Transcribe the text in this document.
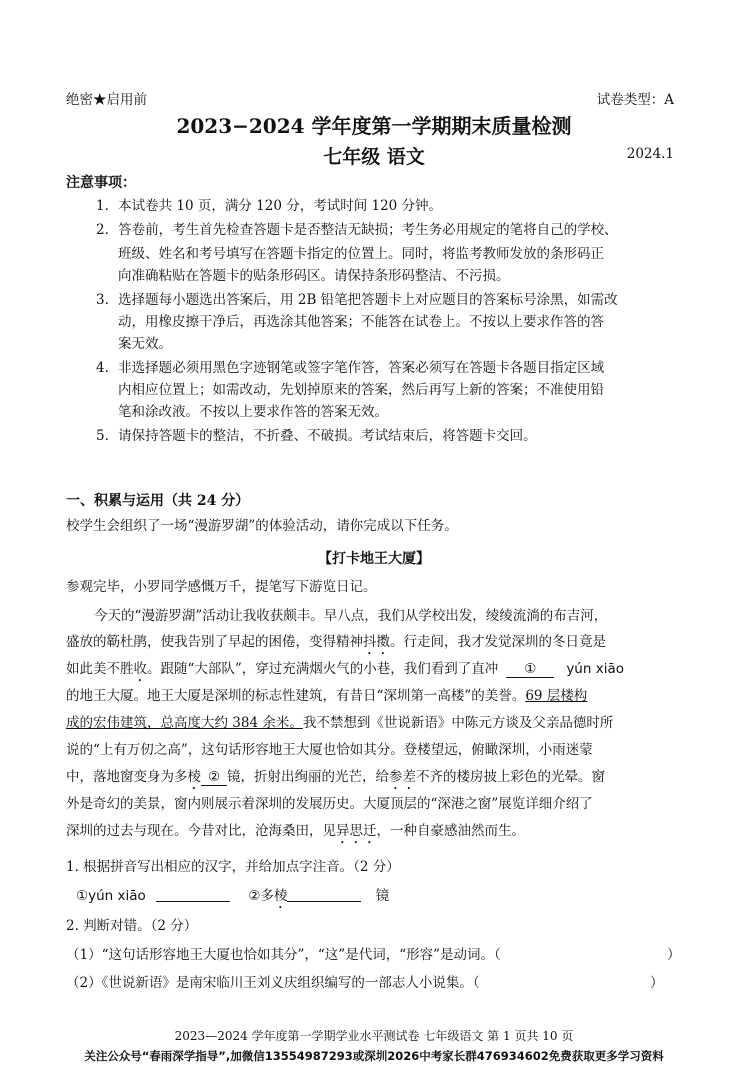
绝密★启用前	试卷类型：A
2023−2024 学年度第一学期期末质量检测
七年级 语文	2024.1
注意事项：
1．本试卷共 10 页，满分 120 分，考试时间 120 分钟。
2．答卷前，考生首先检查答题卡是否整洁无缺损；考生务必用规定的笔将自己的学校、
班级、姓名和考号填写在答题卡指定的位置上。同时，将监考教师发放的条形码正
向准确粘贴在答题卡的贴条形码区。请保持条形码整洁、不污损。
3．选择题每小题选出答案后，用 2B 铅笔把答题卡上对应题目的答案标号涂黑，如需改
动，用橡皮擦干净后，再选涂其他答案；不能答在试卷上。不按以上要求作答的答
案无效。
4．非选择题必须用黑色字迹钢笔或签字笔作答，答案必须写在答题卡各题目指定区域
内相应位置上；如需改动，先划掉原来的答案，然后再写上新的答案；不准使用铅
笔和涂改液。不按以上要求作答的答案无效。
5．请保持答题卡的整洁，不折叠、不破损。考试结束后，将答题卡交回。
一、积累与运用（共 24 分）
校学生会组织了一场“漫游罗湖”的体验活动，请你完成以下任务。
【打卡地王大厦】
参观完毕，小罗同学感慨万千，提笔写下游览日记。
今天的“漫游罗湖”活动让我收获颇丰。早八点，我们从学校出发，绫绫流淌的布吉河，
盛放的簕杜鹃，使我告别了早起的困倦，变得精神抖擞。行走间，我才发觉深圳的冬日竟是
如此美不胜收。跟随“大部队”，穿过充满烟火气的小巷，我们看到了直冲 ① yún xiāo
的地王大厦。地王大厦是深圳的标志性建筑，有昔日“深圳第一高楼”的美誉。69 层楼构
成的宏伟建筑，总高度大约 384 余米。我不禁想到《世说新语》中陈元方谈及父亲品德时所
说的“上有万仞之高”，这句话形容地王大厦也恰如其分。登楼望远，俯瞰深圳，小雨迷蒙
中，落地窗变身为多棱 ② 镜，折射出绚丽的光芒，给参差不齐的楼房披上彩色的光晕。窗
外是奇幻的美景，窗内则展示着深圳的发展历史。大厦顶层的“深港之窗”展览详细介绍了
深圳的过去与现在。今昔对比，沧海桑田，见异思迁，一种自豪感油然而生。
1. 根据拼音写出相应的汉字，并给加点字注音。（2 分）
①yún xiāo	②多棱	镜
2. 判断对错。（2 分）
（1）“这句话形容地王大厦也恰如其分”，“这”是代词，“形容”是动词。（	）
（2）《世说新语》是南宋临川王刘义庆组织编写的一部志人小说集。（	）
2023—2024 学年度第一学期学业水平测试卷 七年级语文 第 1 页共 10 页
关注公众号“春雨深学指导”,加微信13554987293或深圳2026中考家长群476934602免费获取更多学习资料
